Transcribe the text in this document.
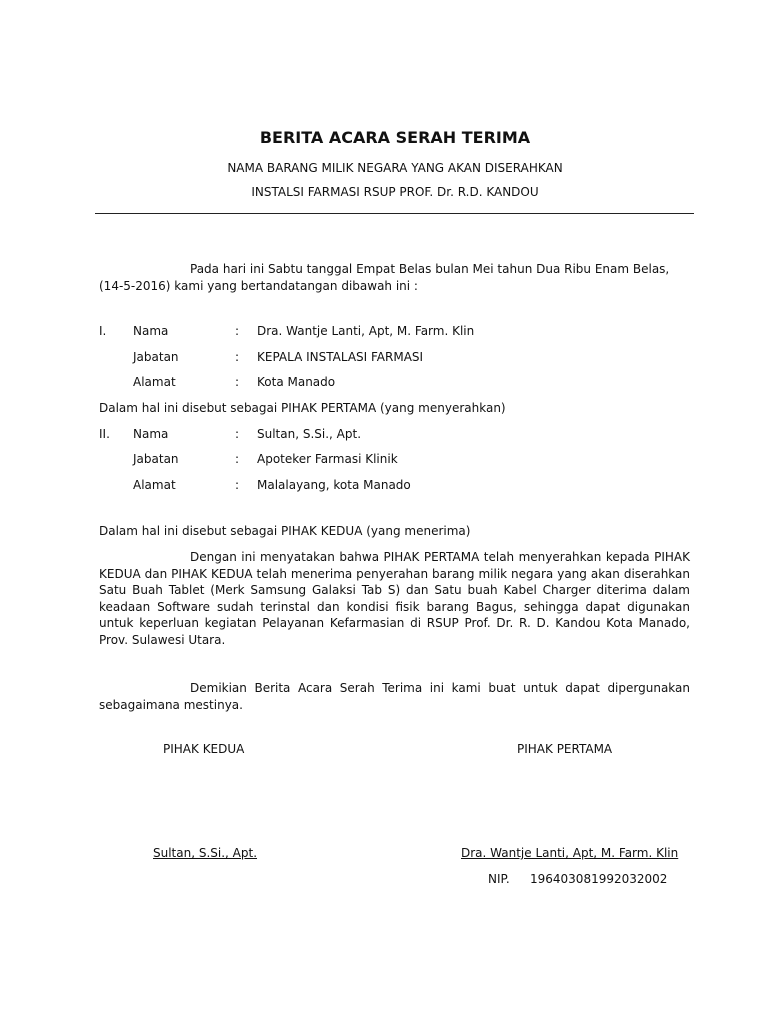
BERITA ACARA SERAH TERIMA
NAMA BARANG MILIK NEGARA YANG AKAN DISERAHKAN
INSTALSI FARMASI RSUP PROF. Dr. R.D. KANDOU
Pada hari ini Sabtu tanggal Empat Belas bulan Mei tahun Dua Ribu Enam Belas,
(14-5-2016) kami yang bertandatangan dibawah ini :
I. Nama	: Dra. Wantje Lanti, Apt, M. Farm. Klin
Jabatan	: KEPALA INSTALASI FARMASI
Alamat	: Kota Manado
Dalam hal ini disebut sebagai PIHAK PERTAMA (yang menyerahkan)
II. Nama	: Sultan, S.Si., Apt.
Jabatan	: Apoteker Farmasi Klinik
Alamat	: Malalayang, kota Manado
Dalam hal ini disebut sebagai PIHAK KEDUA (yang menerima)
Dengan ini menyatakan bahwa PIHAK PERTAMA telah menyerahkan kepada PIHAK KEDUA dan PIHAK KEDUA telah menerima penyerahan barang milik negara yang akan diserahkan Satu Buah Tablet (Merk Samsung Galaksi Tab S) dan Satu buah Kabel Charger diterima dalam keadaan Software sudah terinstal dan kondisi fisik barang Bagus, sehingga dapat digunakan untuk keperluan kegiatan Pelayanan Kefarmasian di RSUP Prof. Dr. R. D. Kandou Kota Manado, Prov. Sulawesi Utara.
Demikian Berita Acara Serah Terima ini kami buat untuk dapat dipergunakan sebagaimana mestinya.
PIHAK KEDUA	PIHAK PERTAMA
Sultan, S.Si., Apt.	Dra. Wantje Lanti, Apt, M. Farm. Klin
NIP. 196403081992032002
